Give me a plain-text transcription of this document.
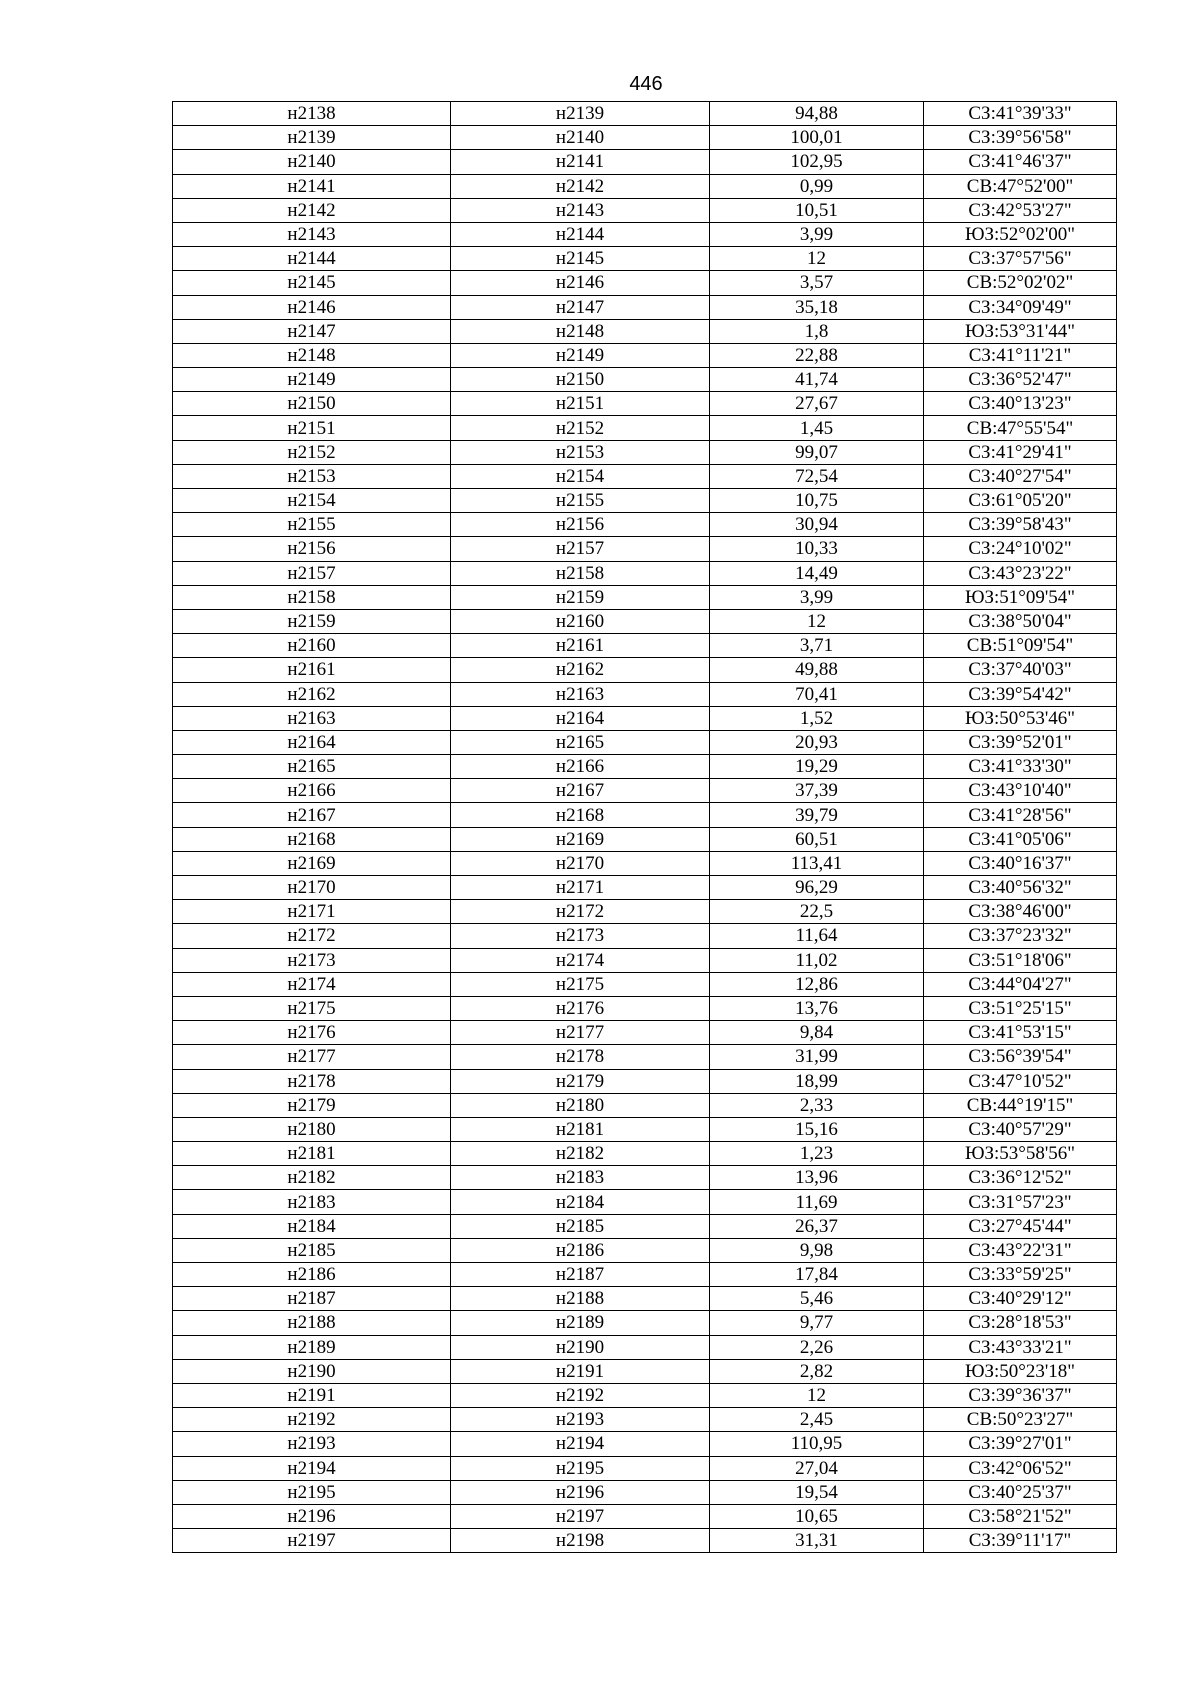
446
н2138	н2139	94,88	СЗ:41°39'33"
н2139	н2140	100,01	СЗ:39°56'58"
н2140	н2141	102,95	СЗ:41°46'37"
н2141	н2142	0,99	СВ:47°52'00"
н2142	н2143	10,51	СЗ:42°53'27"
н2143	н2144	3,99	ЮЗ:52°02'00"
н2144	н2145	12	СЗ:37°57'56"
н2145	н2146	3,57	СВ:52°02'02"
н2146	н2147	35,18	СЗ:34°09'49"
н2147	н2148	1,8	ЮЗ:53°31'44"
н2148	н2149	22,88	СЗ:41°11'21"
н2149	н2150	41,74	СЗ:36°52'47"
н2150	н2151	27,67	СЗ:40°13'23"
н2151	н2152	1,45	СВ:47°55'54"
н2152	н2153	99,07	СЗ:41°29'41"
н2153	н2154	72,54	СЗ:40°27'54"
н2154	н2155	10,75	СЗ:61°05'20"
н2155	н2156	30,94	СЗ:39°58'43"
н2156	н2157	10,33	СЗ:24°10'02"
н2157	н2158	14,49	СЗ:43°23'22"
н2158	н2159	3,99	ЮЗ:51°09'54"
н2159	н2160	12	СЗ:38°50'04"
н2160	н2161	3,71	СВ:51°09'54"
н2161	н2162	49,88	СЗ:37°40'03"
н2162	н2163	70,41	СЗ:39°54'42"
н2163	н2164	1,52	ЮЗ:50°53'46"
н2164	н2165	20,93	СЗ:39°52'01"
н2165	н2166	19,29	СЗ:41°33'30"
н2166	н2167	37,39	СЗ:43°10'40"
н2167	н2168	39,79	СЗ:41°28'56"
н2168	н2169	60,51	СЗ:41°05'06"
н2169	н2170	113,41	СЗ:40°16'37"
н2170	н2171	96,29	СЗ:40°56'32"
н2171	н2172	22,5	СЗ:38°46'00"
н2172	н2173	11,64	СЗ:37°23'32"
н2173	н2174	11,02	СЗ:51°18'06"
н2174	н2175	12,86	СЗ:44°04'27"
н2175	н2176	13,76	СЗ:51°25'15"
н2176	н2177	9,84	СЗ:41°53'15"
н2177	н2178	31,99	СЗ:56°39'54"
н2178	н2179	18,99	СЗ:47°10'52"
н2179	н2180	2,33	СВ:44°19'15"
н2180	н2181	15,16	СЗ:40°57'29"
н2181	н2182	1,23	ЮЗ:53°58'56"
н2182	н2183	13,96	СЗ:36°12'52"
н2183	н2184	11,69	СЗ:31°57'23"
н2184	н2185	26,37	СЗ:27°45'44"
н2185	н2186	9,98	СЗ:43°22'31"
н2186	н2187	17,84	СЗ:33°59'25"
н2187	н2188	5,46	СЗ:40°29'12"
н2188	н2189	9,77	СЗ:28°18'53"
н2189	н2190	2,26	СЗ:43°33'21"
н2190	н2191	2,82	ЮЗ:50°23'18"
н2191	н2192	12	СЗ:39°36'37"
н2192	н2193	2,45	СВ:50°23'27"
н2193	н2194	110,95	СЗ:39°27'01"
н2194	н2195	27,04	СЗ:42°06'52"
н2195	н2196	19,54	СЗ:40°25'37"
н2196	н2197	10,65	СЗ:58°21'52"
н2197	н2198	31,31	СЗ:39°11'17"
